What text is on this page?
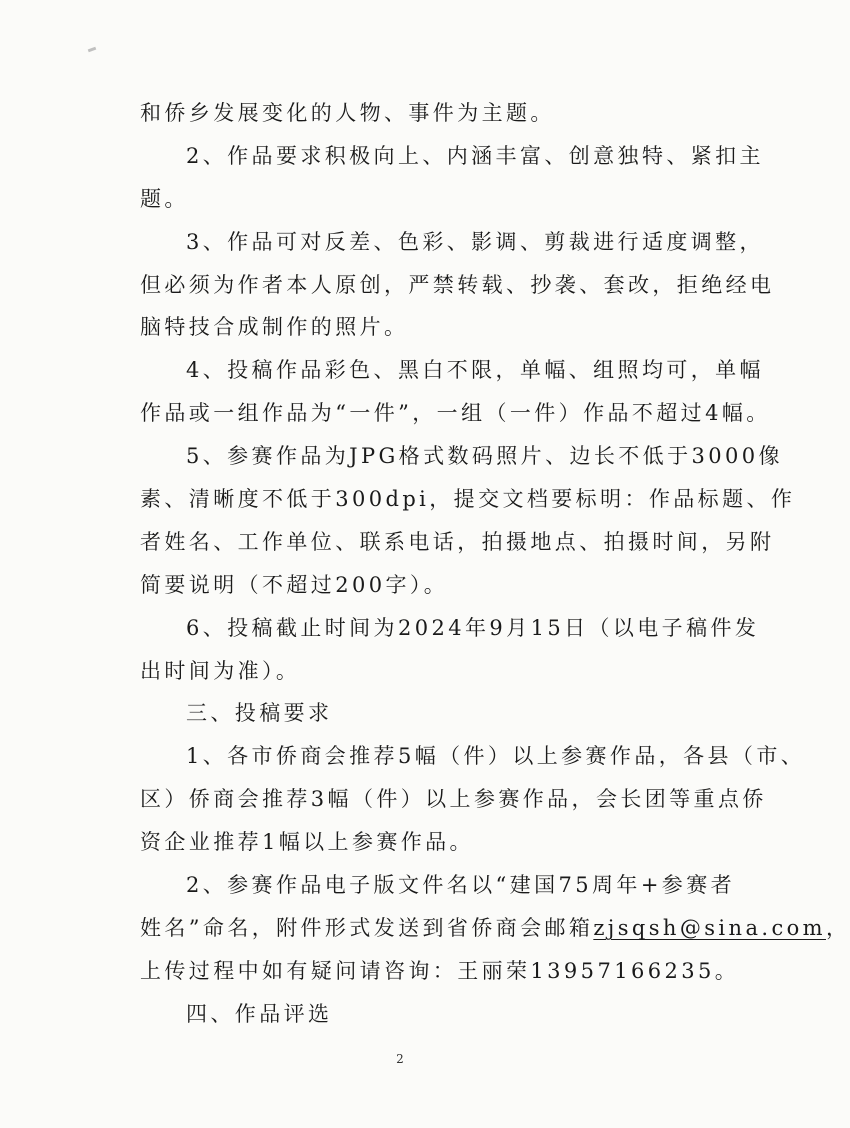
和侨乡发展变化的人物、事件为主题。
2、作品要求积极向上、内涵丰富、创意独特、紧扣主
题。
3、作品可对反差、色彩、影调、剪裁进行适度调整，
但必须为作者本人原创，严禁转载、抄袭、套改，拒绝经电
脑特技合成制作的照片。
4、投稿作品彩色、黑白不限，单幅、组照均可，单幅
作品或一组作品为“一件”，一组（一件）作品不超过4幅。
5、参赛作品为JPG格式数码照片、边长不低于3000像
素、清晰度不低于300dpi，提交文档要标明：作品标题、作
者姓名、工作单位、联系电话，拍摄地点、拍摄时间，另附
简要说明（不超过200字）。
6、投稿截止时间为2024年9月15日（以电子稿件发
出时间为准）。
三、投稿要求
1、各市侨商会推荐5幅（件）以上参赛作品，各县（市、
区）侨商会推荐3幅（件）以上参赛作品，会长团等重点侨
资企业推荐1幅以上参赛作品。
2、参赛作品电子版文件名以“建国75周年+参赛者
姓名”命名，附件形式发送到省侨商会邮箱zjsqsh@sina.com，
上传过程中如有疑问请咨询：王丽荣13957166235。
四、作品评选
2
